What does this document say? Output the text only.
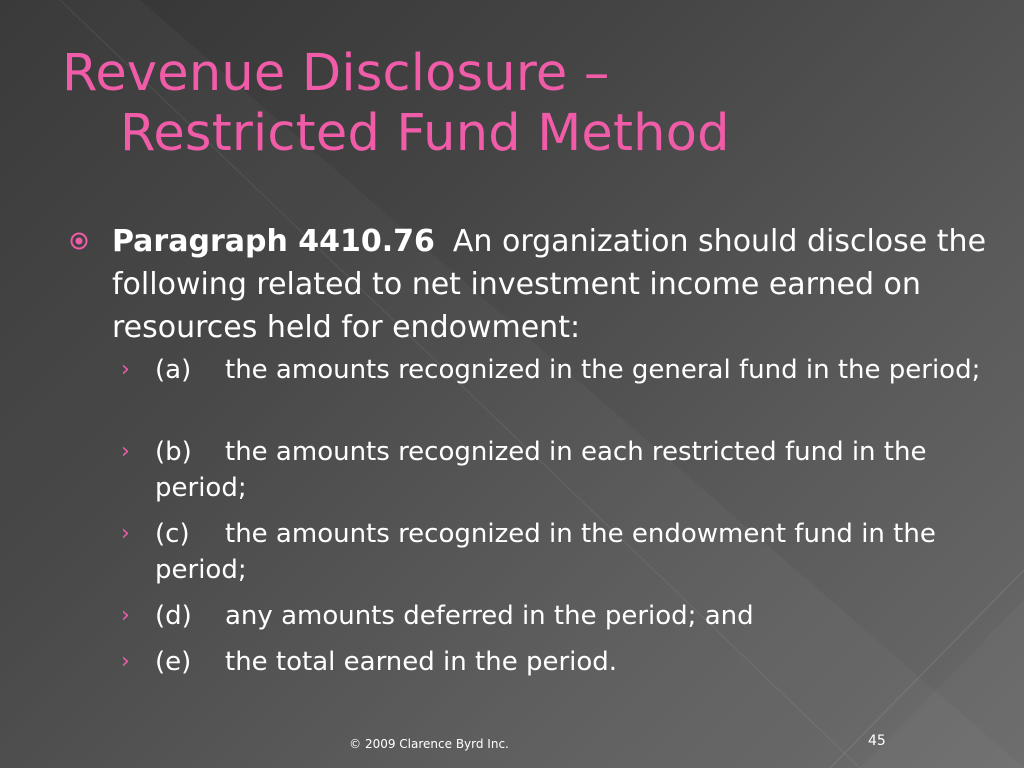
Revenue Disclosure –
Restricted Fund Method
Paragraph 4410.76 An organization should disclose the following related to net investment income earned on resources held for endowment:
› (a) the amounts recognized in the general fund in the period;
› (b) the amounts recognized in each restricted fund in the period;
› (c) the amounts recognized in the endowment fund in the period;
› (d) any amounts deferred in the period; and
› (e) the total earned in the period.
© 2009 Clarence Byrd Inc.	45
